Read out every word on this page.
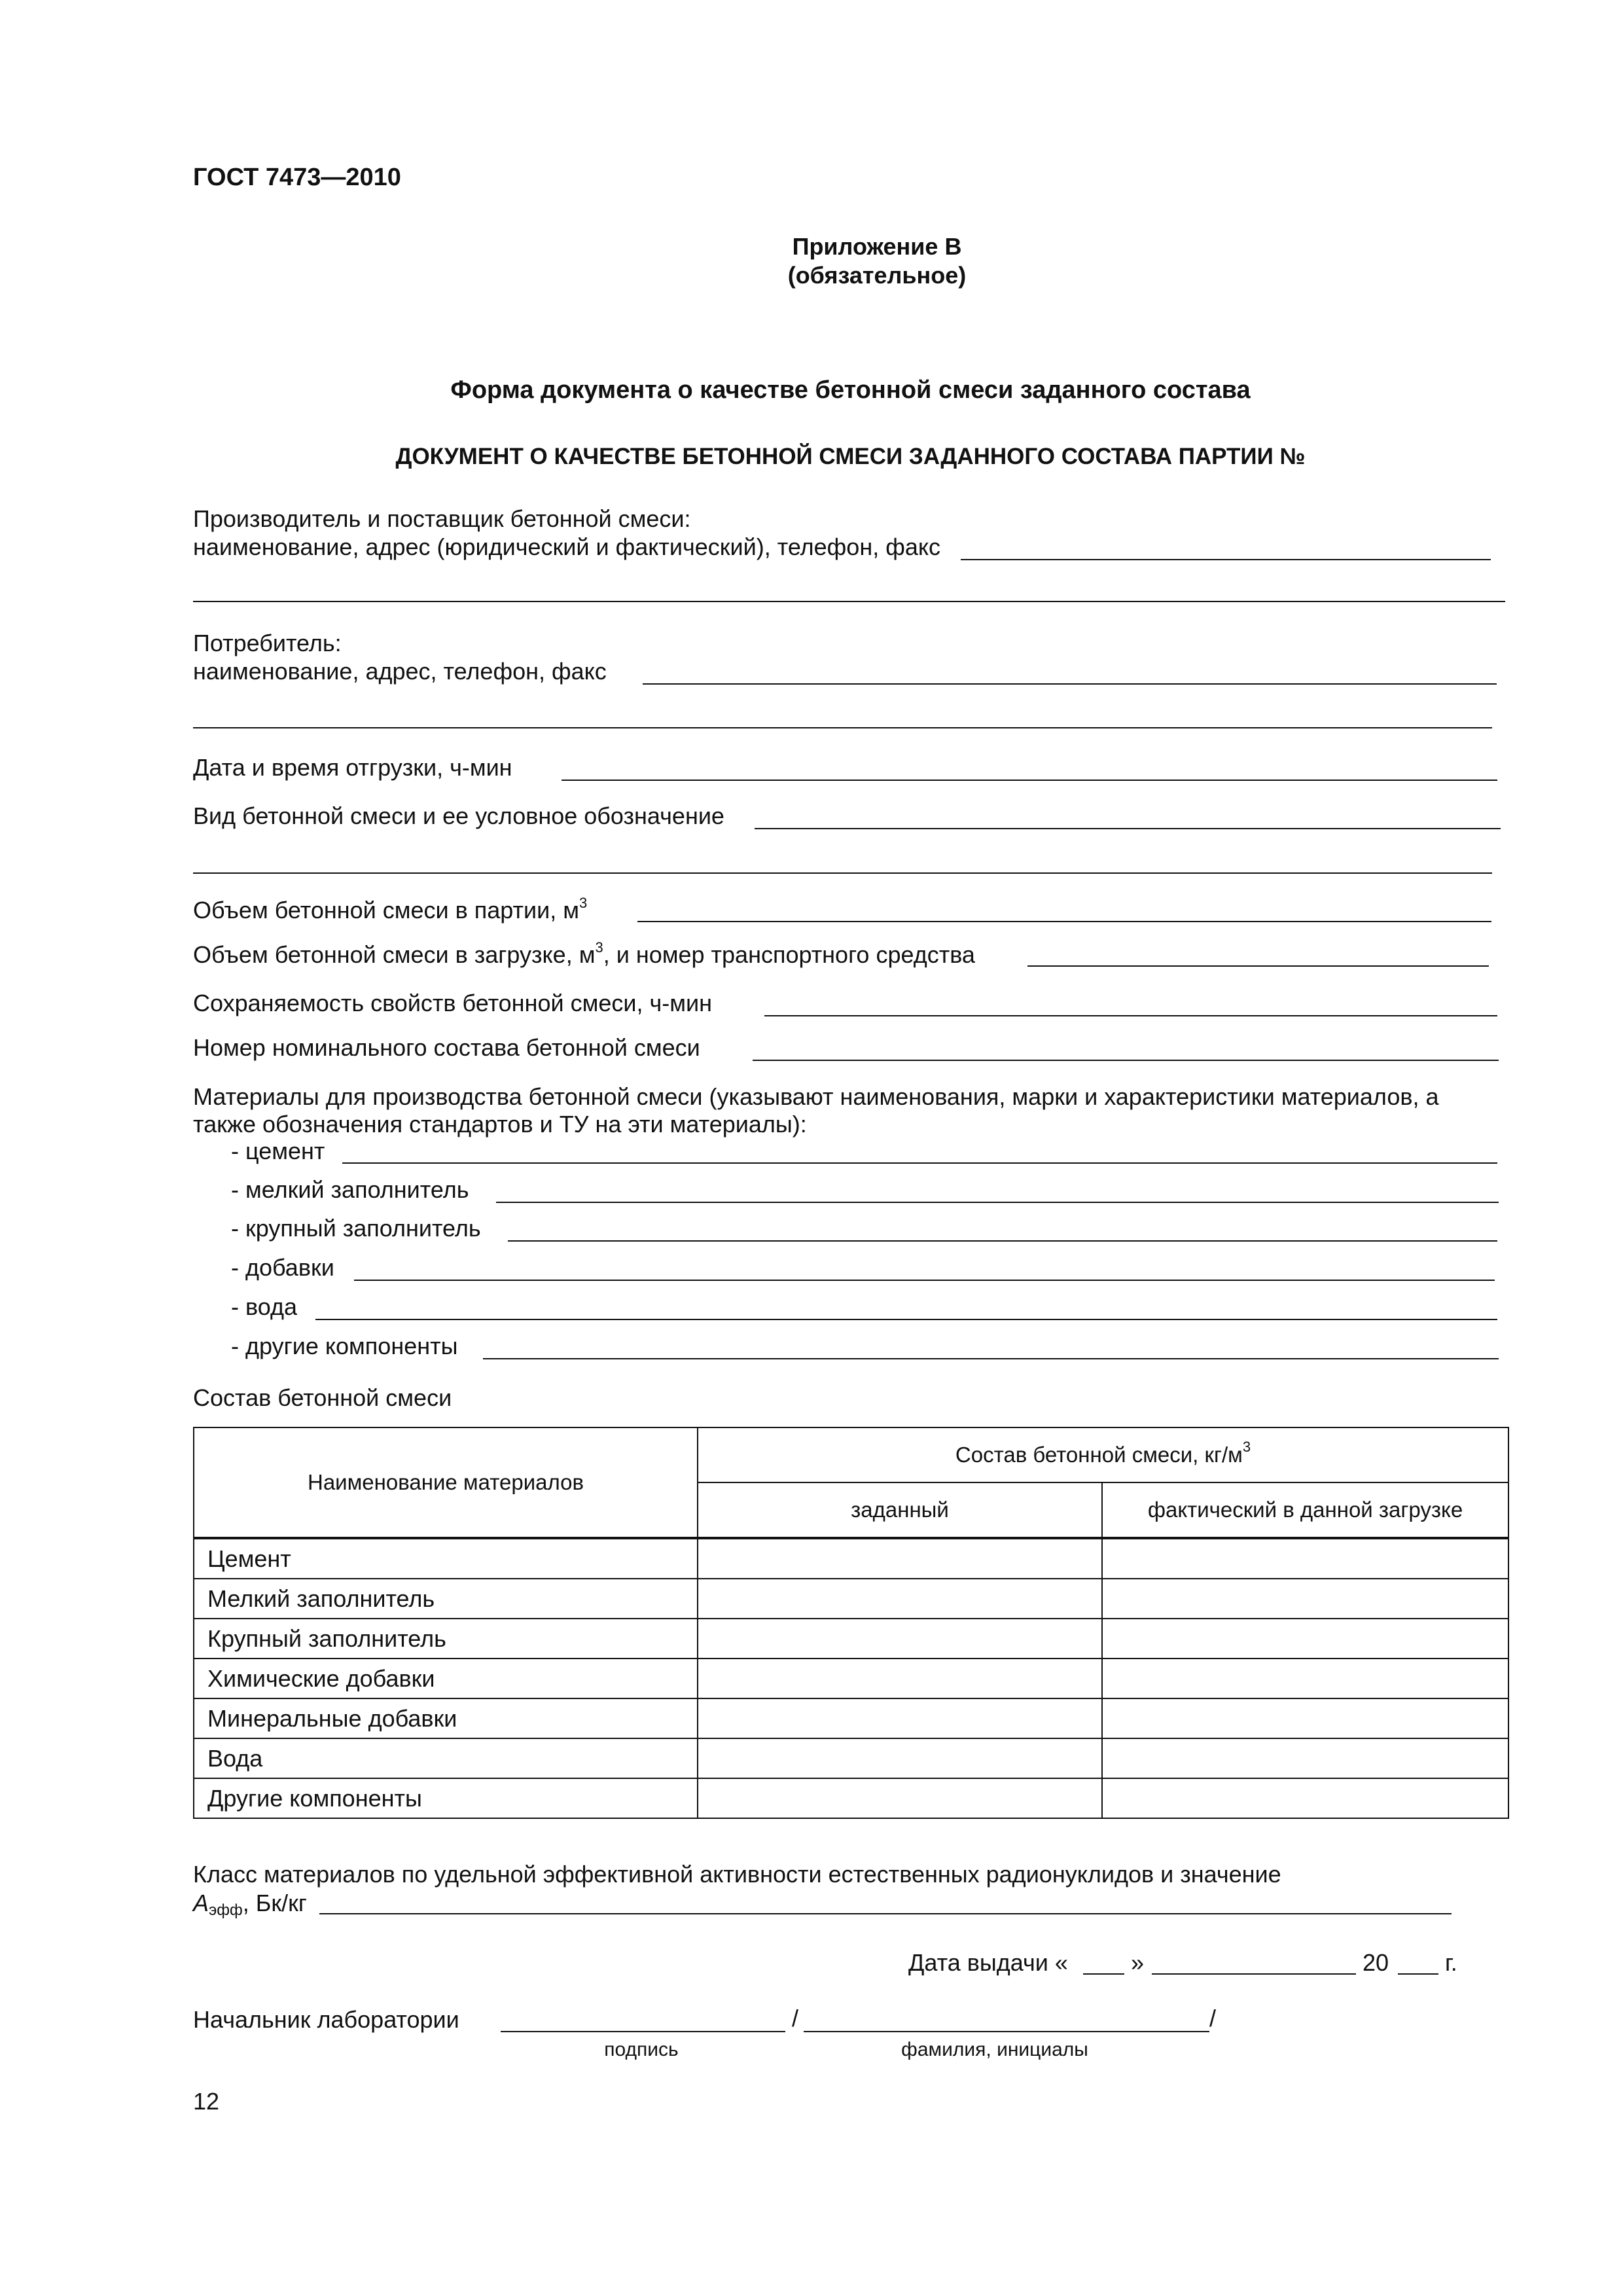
ГОСТ 7473—2010
Приложение В
(обязательное)
Форма документа о качестве бетонной смеси заданного состава
ДОКУМЕНТ О КАЧЕСТВЕ БЕТОННОЙ СМЕСИ ЗАДАННОГО СОСТАВА ПАРТИИ №
Производитель и поставщик бетонной смеси:
наименование, адрес (юридический и фактический), телефон, факс
Потребитель:
наименование, адрес, телефон, факс
Дата и время отгрузки, ч-мин
Вид бетонной смеси и ее условное обозначение
Объем бетонной смеси в партии, $м^3$
Объем бетонной смеси в загрузке, $м^3$, и номер транспортного средства
Сохраняемость свойств бетонной смеси, ч-мин
Номер номинального состава бетонной смеси
Материалы для производства бетонной смеси (указывают наименования, марки и характеристики материалов, а
также обозначения стандартов и ТУ на эти материалы):
- цемент
- мелкий заполнитель
- крупный заполнитель
- добавки
- вода
- другие компоненты
Состав бетонной смеси
Наименование материалов	Состав бетонной смеси, $кг/м^3$
	заданный	фактический в данной загрузке
Цемент		
Мелкий заполнитель		
Крупный заполнитель		
Химические добавки		
Минеральные добавки		
Вода		
Другие компоненты		
Класс материалов по удельной эффективной активности естественных радионуклидов и значение
$A_{эфф}$, Бк/кг
Дата выдачи «	»	20 г.
Начальник лаборатории	/	/
подпись	фамилия, инициалы
12
